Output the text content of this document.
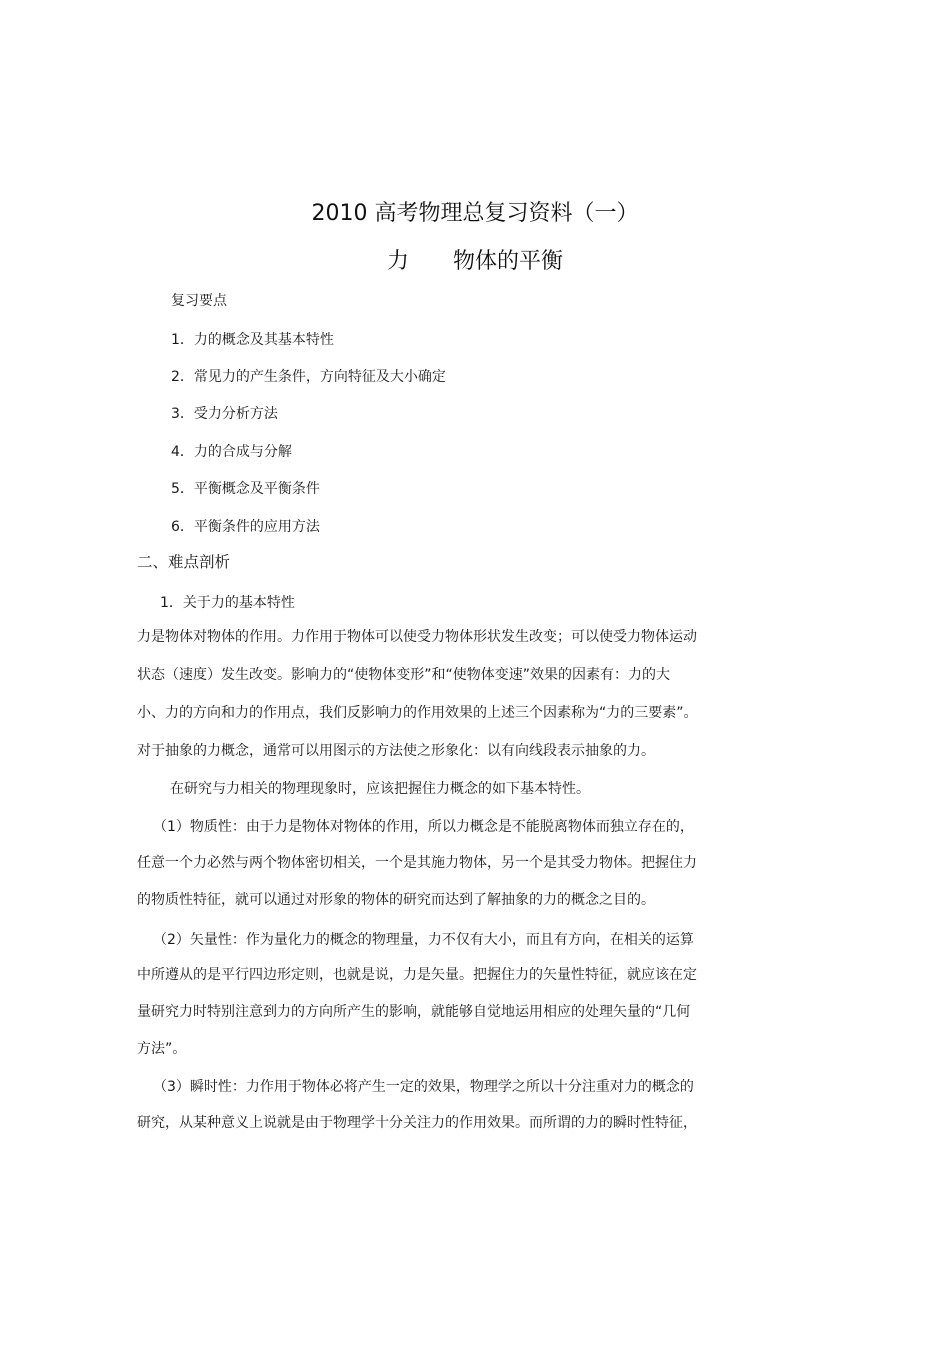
2010 高考物理总复习资料（一）
力　　物体的平衡
复习要点
1．力的概念及其基本特性
2．常见力的产生条件，方向特征及大小确定
3．受力分析方法
4．力的合成与分解
5．平衡概念及平衡条件
6．平衡条件的应用方法
二、难点剖析
1．关于力的基本特性
力是物体对物体的作用。力作用于物体可以使受力物体形状发生改变；可以使受力物体运动
状态（速度）发生改变。影响力的“使物体变形”和“使物体变速”效果的因素有：力的大
小、力的方向和力的作用点，我们反影响力的作用效果的上述三个因素称为“力的三要素”。
对于抽象的力概念，通常可以用图示的方法使之形象化：以有向线段表示抽象的力。
在研究与力相关的物理现象时，应该把握住力概念的如下基本特性。
（1）物质性：由于力是物体对物体的作用，所以力概念是不能脱离物体而独立存在的，
任意一个力必然与两个物体密切相关，一个是其施力物体，另一个是其受力物体。把握住力
的物质性特征，就可以通过对形象的物体的研究而达到了解抽象的力的概念之目的。
（2）矢量性：作为量化力的概念的物理量，力不仅有大小，而且有方向，在相关的运算
中所遵从的是平行四边形定则，也就是说，力是矢量。把握住力的矢量性特征，就应该在定
量研究力时特别注意到力的方向所产生的影响，就能够自觉地运用相应的处理矢量的“几何
方法”。
（3）瞬时性：力作用于物体必将产生一定的效果，物理学之所以十分注重对力的概念的
研究，从某种意义上说就是由于物理学十分关注力的作用效果。而所谓的力的瞬时性特征，
